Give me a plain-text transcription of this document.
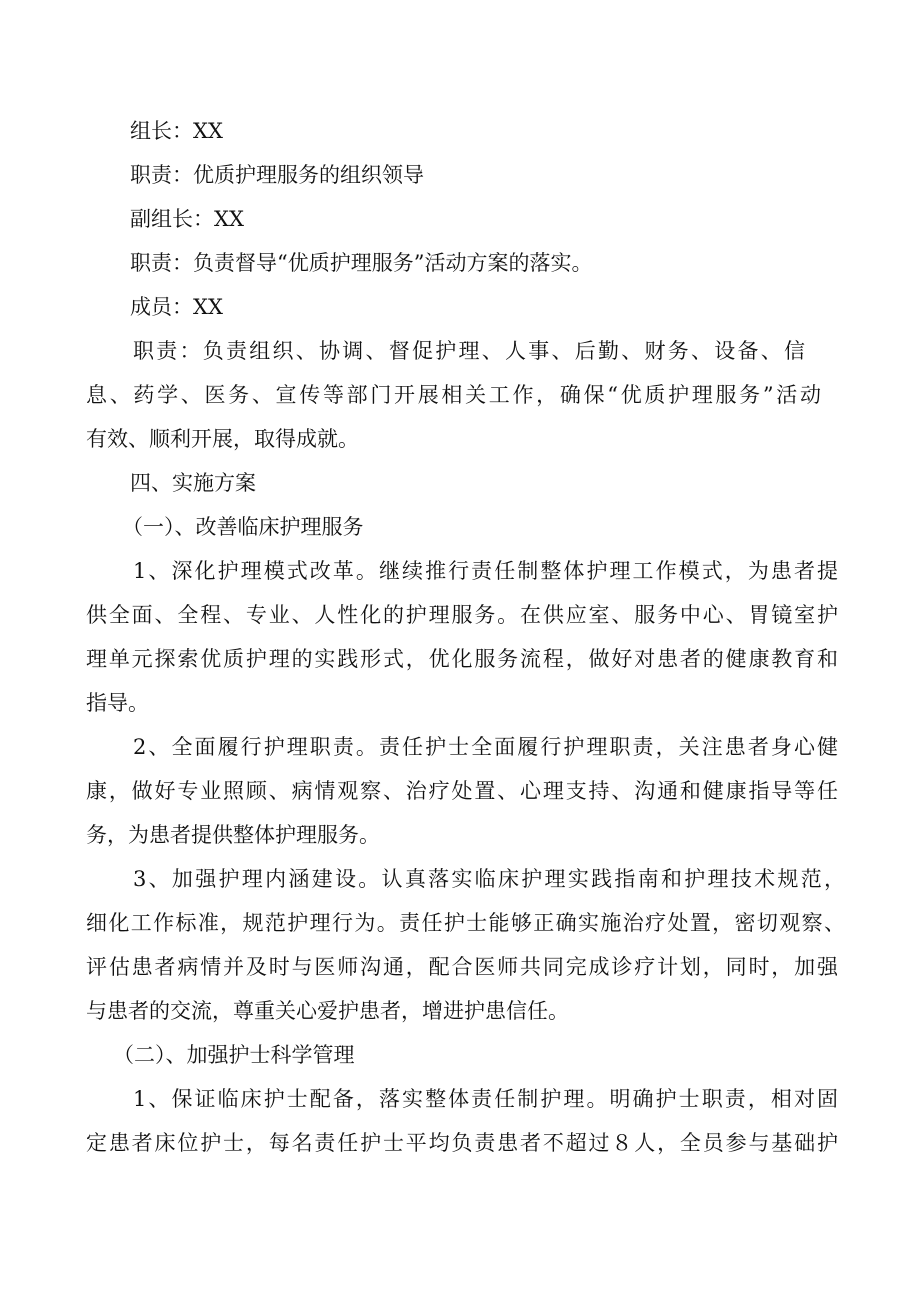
组长：XX

职责：优质护理服务的组织领导

副组长：XX

职责：负责督导“优质护理服务”活动方案的落实。

成员：XX

职责：负责组织、协调、督促护理、人事、后勤、财务、设备、信

息、药学、医务、宣传等部门开展相关工作，确保“优质护理服务”活动

有效、顺利开展，取得成就。

四、实施方案

（一）、改善临床护理服务

1、深化护理模式改革。继续推行责任制整体护理工作模式，为患者提

供全面、全程、专业、人性化的护理服务。在供应室、服务中心、胃镜室护

理单元探索优质护理的实践形式，优化服务流程，做好对患者的健康教育和

指导。

2、全面履行护理职责。责任护士全面履行护理职责，关注患者身心健

康，做好专业照顾、病情观察、治疗处置、心理支持、沟通和健康指导等任

务，为患者提供整体护理服务。

3、加强护理内涵建设。认真落实临床护理实践指南和护理技术规范，

细化工作标准，规范护理行为。责任护士能够正确实施治疗处置，密切观察、

评估患者病情并及时与医师沟通，配合医师共同完成诊疗计划，同时，加强

与患者的交流，尊重关心爱护患者，增进护患信任。

（二）、加强护士科学管理

1、保证临床护士配备，落实整体责任制护理。明确护士职责，相对固

定患者床位护士，每名责任护士平均负责患者不超过８人，全员参与基础护
